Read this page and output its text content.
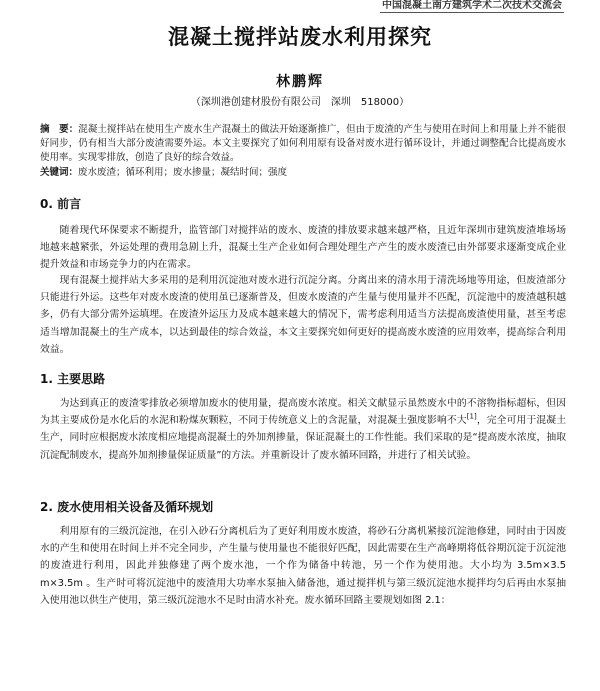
中国混凝土南方建筑学术二次技术交流会
混凝土搅拌站废水利用探究
林鹏辉
（深圳港创建材股份有限公司　深圳　518000）
摘　要：混凝土搅拌站在使用生产废水生产混凝土的做法开始逐渐推广，但由于废渣的产生与使用在时间上和用量上并不能很好同步，仍有相当大部分废渣需要外运。本文主要探究了如何利用原有设备对废水进行循环设计，并通过调整配合比提高废水使用率。实现零排放，创造了良好的综合效益。
关键词：废水废渣；循环利用；废水掺量；凝结时间；强度
0. 前言

随着现代环保要求不断提升，监管部门对搅拌站的废水、废渣的排放要求越来越严格，且近年深圳市建筑废渣堆场场地越来越紧张，外运处理的费用急剧上升，混凝土生产企业如何合理处理生产产生的废水废渣已由外部要求逐渐变成企业提升效益和市场竞争力的内在需求。

现有混凝土搅拌站大多采用的是利用沉淀池对废水进行沉淀分离。分离出来的清水用于清洗场地等用途，但废渣部分只能进行外运。这些年对废水废渣的使用虽已逐渐普及，但废水废渣的产生量与使用量并不匹配，沉淀池中的废渣越积越多，仍有大部分需外运填埋。在废渣外运压力及成本越来越大的情况下，需考虑利用适当方法提高废渣使用量，甚至考虑适当增加混凝土的生产成本，以达到最佳的综合效益，本文主要探究如何更好的提高废水废渣的应用效率，提高综合利用效益。

1. 主要思路

为达到真正的废渣零排放必须增加废水的使用量，提高废水浓度。相关文献显示虽然废水中的不溶物指标超标，但因为其主要成份是水化后的水泥和粉煤灰颗粒，不同于传统意义上的含泥量，对混凝土强度影响不大[1]，完全可用于混凝土生产，同时应根据废水浓度相应地提高混凝土的外加剂掺量，保证混凝土的工作性能。我们采取的是“提高废水浓度，抽取沉淀配制废水，提高外加剂掺量保证质量”的方法。并重新设计了废水循环回路，并进行了相关试验。

2. 废水使用相关设备及循环规划

利用原有的三级沉淀池，在引入砂石分离机后为了更好利用废水废渣，将砂石分离机紧接沉淀池修建，同时由于因废水的产生和使用在时间上并不完全同步，产生量与使用量也不能很好匹配，因此需要在生产高峰期将低谷期沉淀于沉淀池的废渣进行利用，因此并独修建了两个废水池，一个作为储备中转池，另一个作为使用池。大小均为 3.5m×3.5 m×3.5m 。生产时可将沉淀池中的废渣用大功率水泵抽入储备池，通过搅拌机与第三级沉淀池水搅拌均匀后再由水泵抽入使用池以供生产使用，第三级沉淀池水不足时由清水补充。废水循环回路主要规划如图 2.1：
